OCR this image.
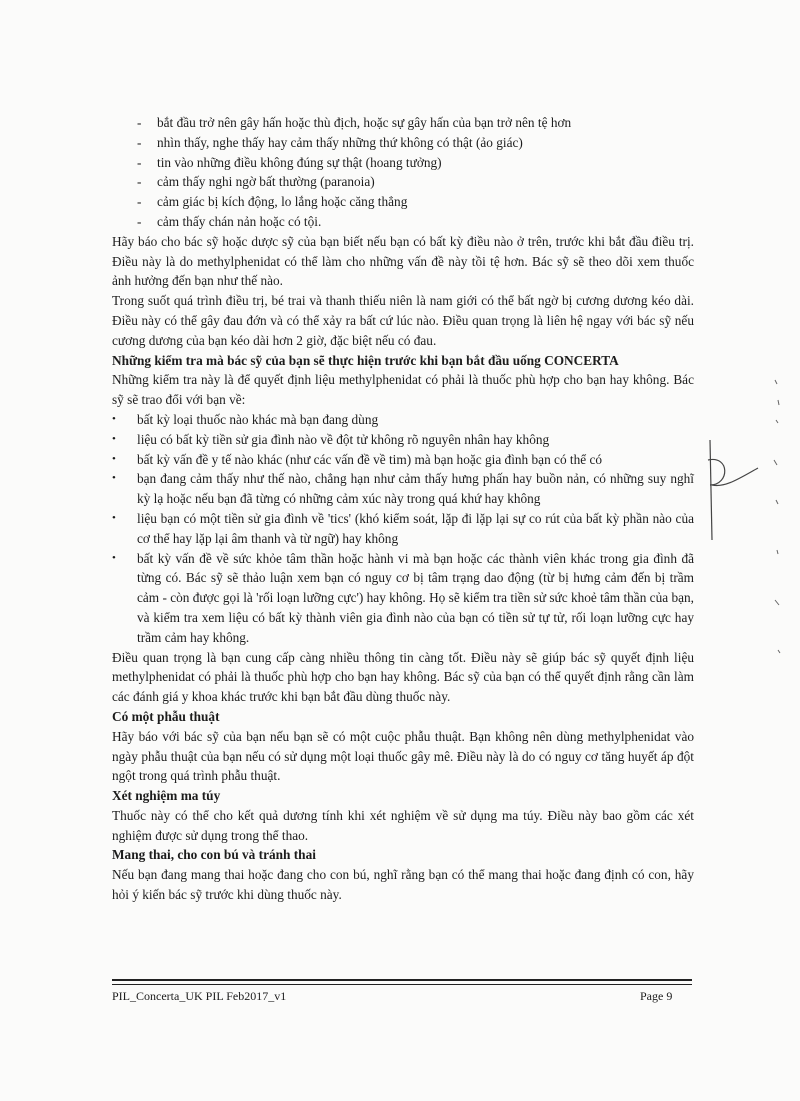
- bắt đầu trở nên gây hấn hoặc thù địch, hoặc sự gây hấn của bạn trở nên tệ hơn
- nhìn thấy, nghe thấy hay cảm thấy những thứ không có thật (ảo giác)
- tin vào những điều không đúng sự thật (hoang tưởng)
- cảm thấy nghi ngờ bất thường (paranoia)
- cảm giác bị kích động, lo lắng hoặc căng thẳng
- cảm thấy chán nản hoặc có tội.

Hãy báo cho bác sỹ hoặc dược sỹ của bạn biết nếu bạn có bất kỳ điều nào ở trên, trước khi bắt đầu điều trị. Điều này là do methylphenidat có thể làm cho những vấn đề này tồi tệ hơn. Bác sỹ sẽ theo dõi xem thuốc ảnh hưởng đến bạn như thế nào.

Trong suốt quá trình điều trị, bé trai và thanh thiếu niên là nam giới có thể bất ngờ bị cương dương kéo dài. Điều này có thể gây đau đớn và có thể xảy ra bất cứ lúc nào. Điều quan trọng là liên hệ ngay với bác sỹ nếu cương dương của bạn kéo dài hơn 2 giờ, đặc biệt nếu có đau.

Những kiểm tra mà bác sỹ của bạn sẽ thực hiện trước khi bạn bắt đầu uống CONCERTA

Những kiểm tra này là để quyết định liệu methylphenidat có phải là thuốc phù hợp cho bạn hay không. Bác sỹ sẽ trao đổi với bạn về:

• bất kỳ loại thuốc nào khác mà bạn đang dùng
• liệu có bất kỳ tiền sử gia đình nào về đột tử không rõ nguyên nhân hay không
• bất kỳ vấn đề y tế nào khác (như các vấn đề về tim) mà bạn hoặc gia đình bạn có thể có
• bạn đang cảm thấy như thế nào, chẳng hạn như cảm thấy hưng phấn hay buồn nản, có những suy nghĩ kỳ lạ hoặc nếu bạn đã từng có những cảm xúc này trong quá khứ hay không
• liệu bạn có một tiền sử gia đình về 'tics' (khó kiểm soát, lặp đi lặp lại sự co rút của bất kỳ phần nào của cơ thể hay lặp lại âm thanh và từ ngữ) hay không
• bất kỳ vấn đề về sức khỏe tâm thần hoặc hành vi mà bạn hoặc các thành viên khác trong gia đình đã từng có. Bác sỹ sẽ thảo luận xem bạn có nguy cơ bị tâm trạng dao động (từ bị hưng cảm đến bị trầm cảm - còn được gọi là 'rối loạn lưỡng cực') hay không. Họ sẽ kiểm tra tiền sử sức khoẻ tâm thần của bạn, và kiểm tra xem liệu có bất kỳ thành viên gia đình nào của bạn có tiền sử tự tử, rối loạn lưỡng cực hay trầm cảm hay không.

Điều quan trọng là bạn cung cấp càng nhiều thông tin càng tốt. Điều này sẽ giúp bác sỹ quyết định liệu methylphenidat có phải là thuốc phù hợp cho bạn hay không. Bác sỹ của bạn có thể quyết định rằng cần làm các đánh giá y khoa khác trước khi bạn bắt đầu dùng thuốc này.

Có một phẫu thuật

Hãy báo với bác sỹ của bạn nếu bạn sẽ có một cuộc phẫu thuật. Bạn không nên dùng methylphenidat vào ngày phẫu thuật của bạn nếu có sử dụng một loại thuốc gây mê. Điều này là do có nguy cơ tăng huyết áp đột ngột trong quá trình phẫu thuật.

Xét nghiệm ma túy

Thuốc này có thể cho kết quả dương tính khi xét nghiệm về sử dụng ma túy. Điều này bao gồm các xét nghiệm được sử dụng trong thể thao.

Mang thai, cho con bú và tránh thai

Nếu bạn đang mang thai hoặc đang cho con bú, nghĩ rằng bạn có thể mang thai hoặc đang định có con, hãy hỏi ý kiến bác sỹ trước khi dùng thuốc này.

PIL_Concerta_UK PIL Feb2017_v1	Page 9
